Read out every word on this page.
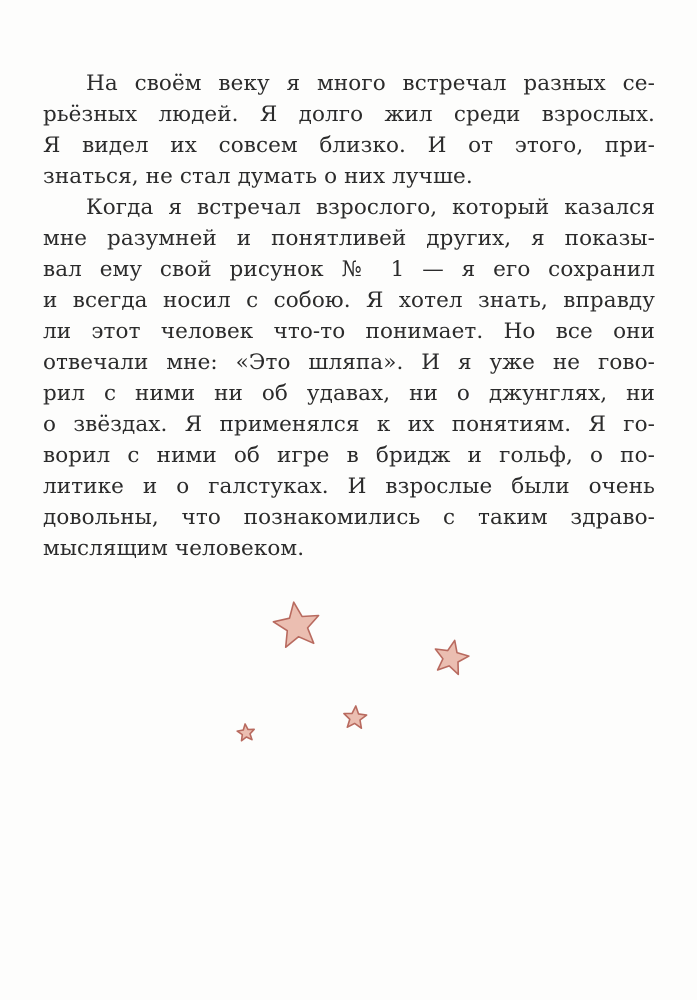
На своём веку я много встречал разных се-
рьёзных людей. Я долго жил среди взрослых.
Я видел их совсем близко. И от этого, при-
знаться, не стал думать о них лучше.
Когда я встречал взрослого, который казался
мне разумней и понятливей других, я показы-
вал ему свой рисунок № 1 — я его сохранил
и всегда носил с собою. Я хотел знать, вправду
ли этот человек что-то понимает. Но все они
отвечали мне: «Это шляпа». И я уже не гово-
рил с ними ни об удавах, ни о джунглях, ни
о звёздах. Я применялся к их понятиям. Я го-
ворил с ними об игре в бридж и гольф, о по-
литике и о галстуках. И взрослые были очень
довольны, что познакомились с таким здраво-
мыслящим человеком.
